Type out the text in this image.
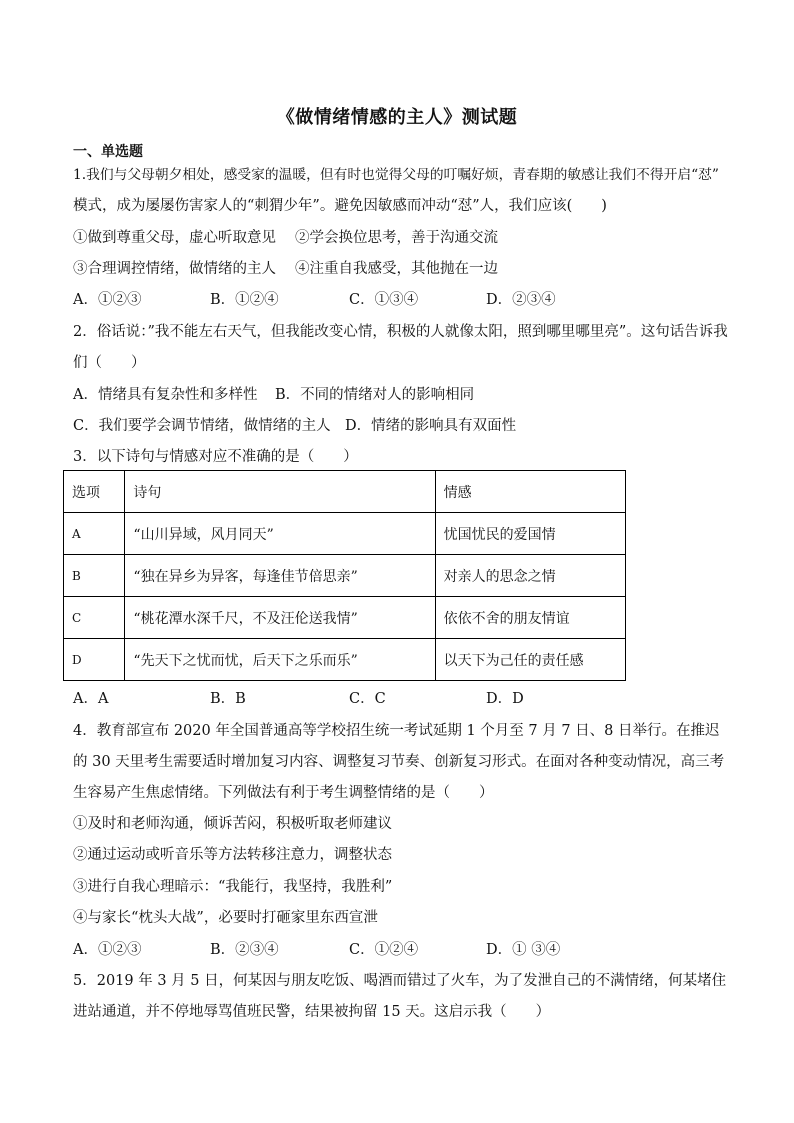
《做情绪情感的主人》测试题
一、单选题
1.我们与父母朝夕相处，感受家的温暖，但有时也觉得父母的叮嘱好烦，青春期的敏感让我们不得开启“怼”
模式，成为屡屡伤害家人的“刺猬少年”。避免因敏感而冲动“怼”人，我们应该(　　)
①做到尊重父母，虚心听取意见 ②学会换位思考，善于沟通交流
③合理调控情绪，做情绪的主人 ④注重自我感受，其他抛在一边
A．①②③	B．①②④	C．①③④	D．②③④
2．俗话说：”我不能左右天气，但我能改变心情，积极的人就像太阳，照到哪里哪里亮”。这句话告诉我
们（　　）
A．情绪具有复杂性和多样性 B．不同的情绪对人的影响相同
C．我们要学会调节情绪，做情绪的主人 D．情绪的影响具有双面性
3．以下诗句与情感对应不准确的是（　　）
选项	诗句	情感
A	“山川异域，风月同天”	忧国忧民的爱国情
B	“独在异乡为异客，每逢佳节倍思亲”	对亲人的思念之情
C	“桃花潭水深千尺，不及汪伦送我情”	依依不舍的朋友情谊
D	“先天下之忧而忧，后天下之乐而乐”	以天下为己任的责任感
A．A	B．B	C．C	D．D
4．教育部宣布 2020 年全国普通高等学校招生统一考试延期 1 个月至 7 月 7 日、8 日举行。在推迟的 30 天里考生需要适时增加复习内容、调整复习节奏、创新复习形式。在面对各种变动情况，高三考生容易产生焦虑情绪。下列做法有利于考生调整情绪的是（　　）
①及时和老师沟通，倾诉苦闷，积极听取老师建议
②通过运动或听音乐等方法转移注意力，调整状态
③进行自我心理暗示：“我能行，我坚持，我胜利”
④与家长“枕头大战”，必要时打砸家里东西宣泄
A．①②③	B．②③④	C．①②④	D．① ③④
5．2019 年 3 月 5 日，何某因与朋友吃饭、喝酒而错过了火车，为了发泄自己的不满情绪，何某堵住进站通道，并不停地辱骂值班民警，结果被拘留 15 天。这启示我（　　）
